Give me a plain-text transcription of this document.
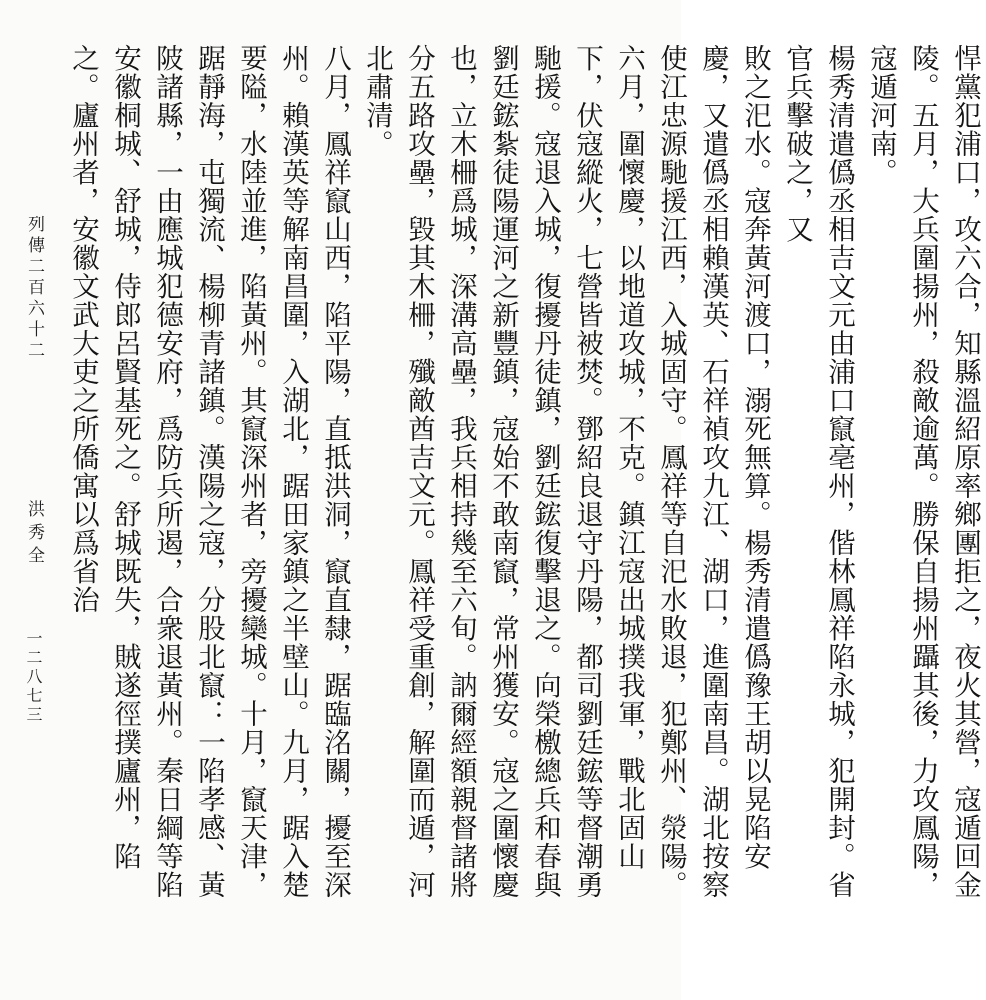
悍黨犯浦口，攻六合，知縣溫紹原率鄉團拒之，夜火其營，寇遁回金陵。五月，大兵圍揚州，殺敵逾萬。勝保自揚州躡其後，力攻鳳陽，寇遁河南。

楊秀清遣僞丞相吉文元由浦口竄亳州，偕林鳳祥陷永城，犯開封。省官兵擊破之，又

敗之汜水。寇奔黃河渡口，溺死無算。楊秀清遣僞豫王胡以晃陷安慶，又遣僞丞相賴漢英、石祥禎攻九江、湖口，進圍南昌。湖北按察使江忠源馳援江西，入城固守。鳳祥等自汜水敗退，犯鄭州、滎陽。六月，圍懷慶，以地道攻城，不克。鎮江寇出城撲我軍，戰北固山下，伏寇縱火，七營皆被焚。鄧紹良退守丹陽，都司劉廷鋐等督潮勇馳援。寇退入城，復擾丹徒鎮，劉廷鋐復擊退之。向榮檄總兵和春與劉廷鋐紮徒陽運河之新豐鎮，寇始不敢南竄，常州獲安。寇之圍懷慶也，立木柵爲城，深溝高壘，我兵相持幾至六旬。訥爾經額親督諸將分五路攻壘，毀其木柵，殲敵酋吉文元。鳳祥受重創，解圍而遁，河北肅清。

八月，鳳祥竄山西，陷平陽，直抵洪洞，竄直隸，踞臨洺關，擾至深州。賴漢英等解南昌圍，入湖北，踞田家鎮之半壁山。九月，踞入楚要隘，水陸並進，陷黃州。其竄深州者，旁擾欒城。十月，竄天津，踞靜海，屯獨流、楊柳青諸鎮。漢陽之寇，分股北竄：一陷孝感、黃陂諸縣，一由應城犯德安府，爲防兵所遏，合衆退黃州。秦日綱等陷安徽桐城、舒城，侍郎呂賢基死之。舒城既失，賊遂徑撲廬州，陷之。廬州者，安徽文武大吏之所僑寓以爲省治

列傳二百六十二
洪秀全
一二八七三
